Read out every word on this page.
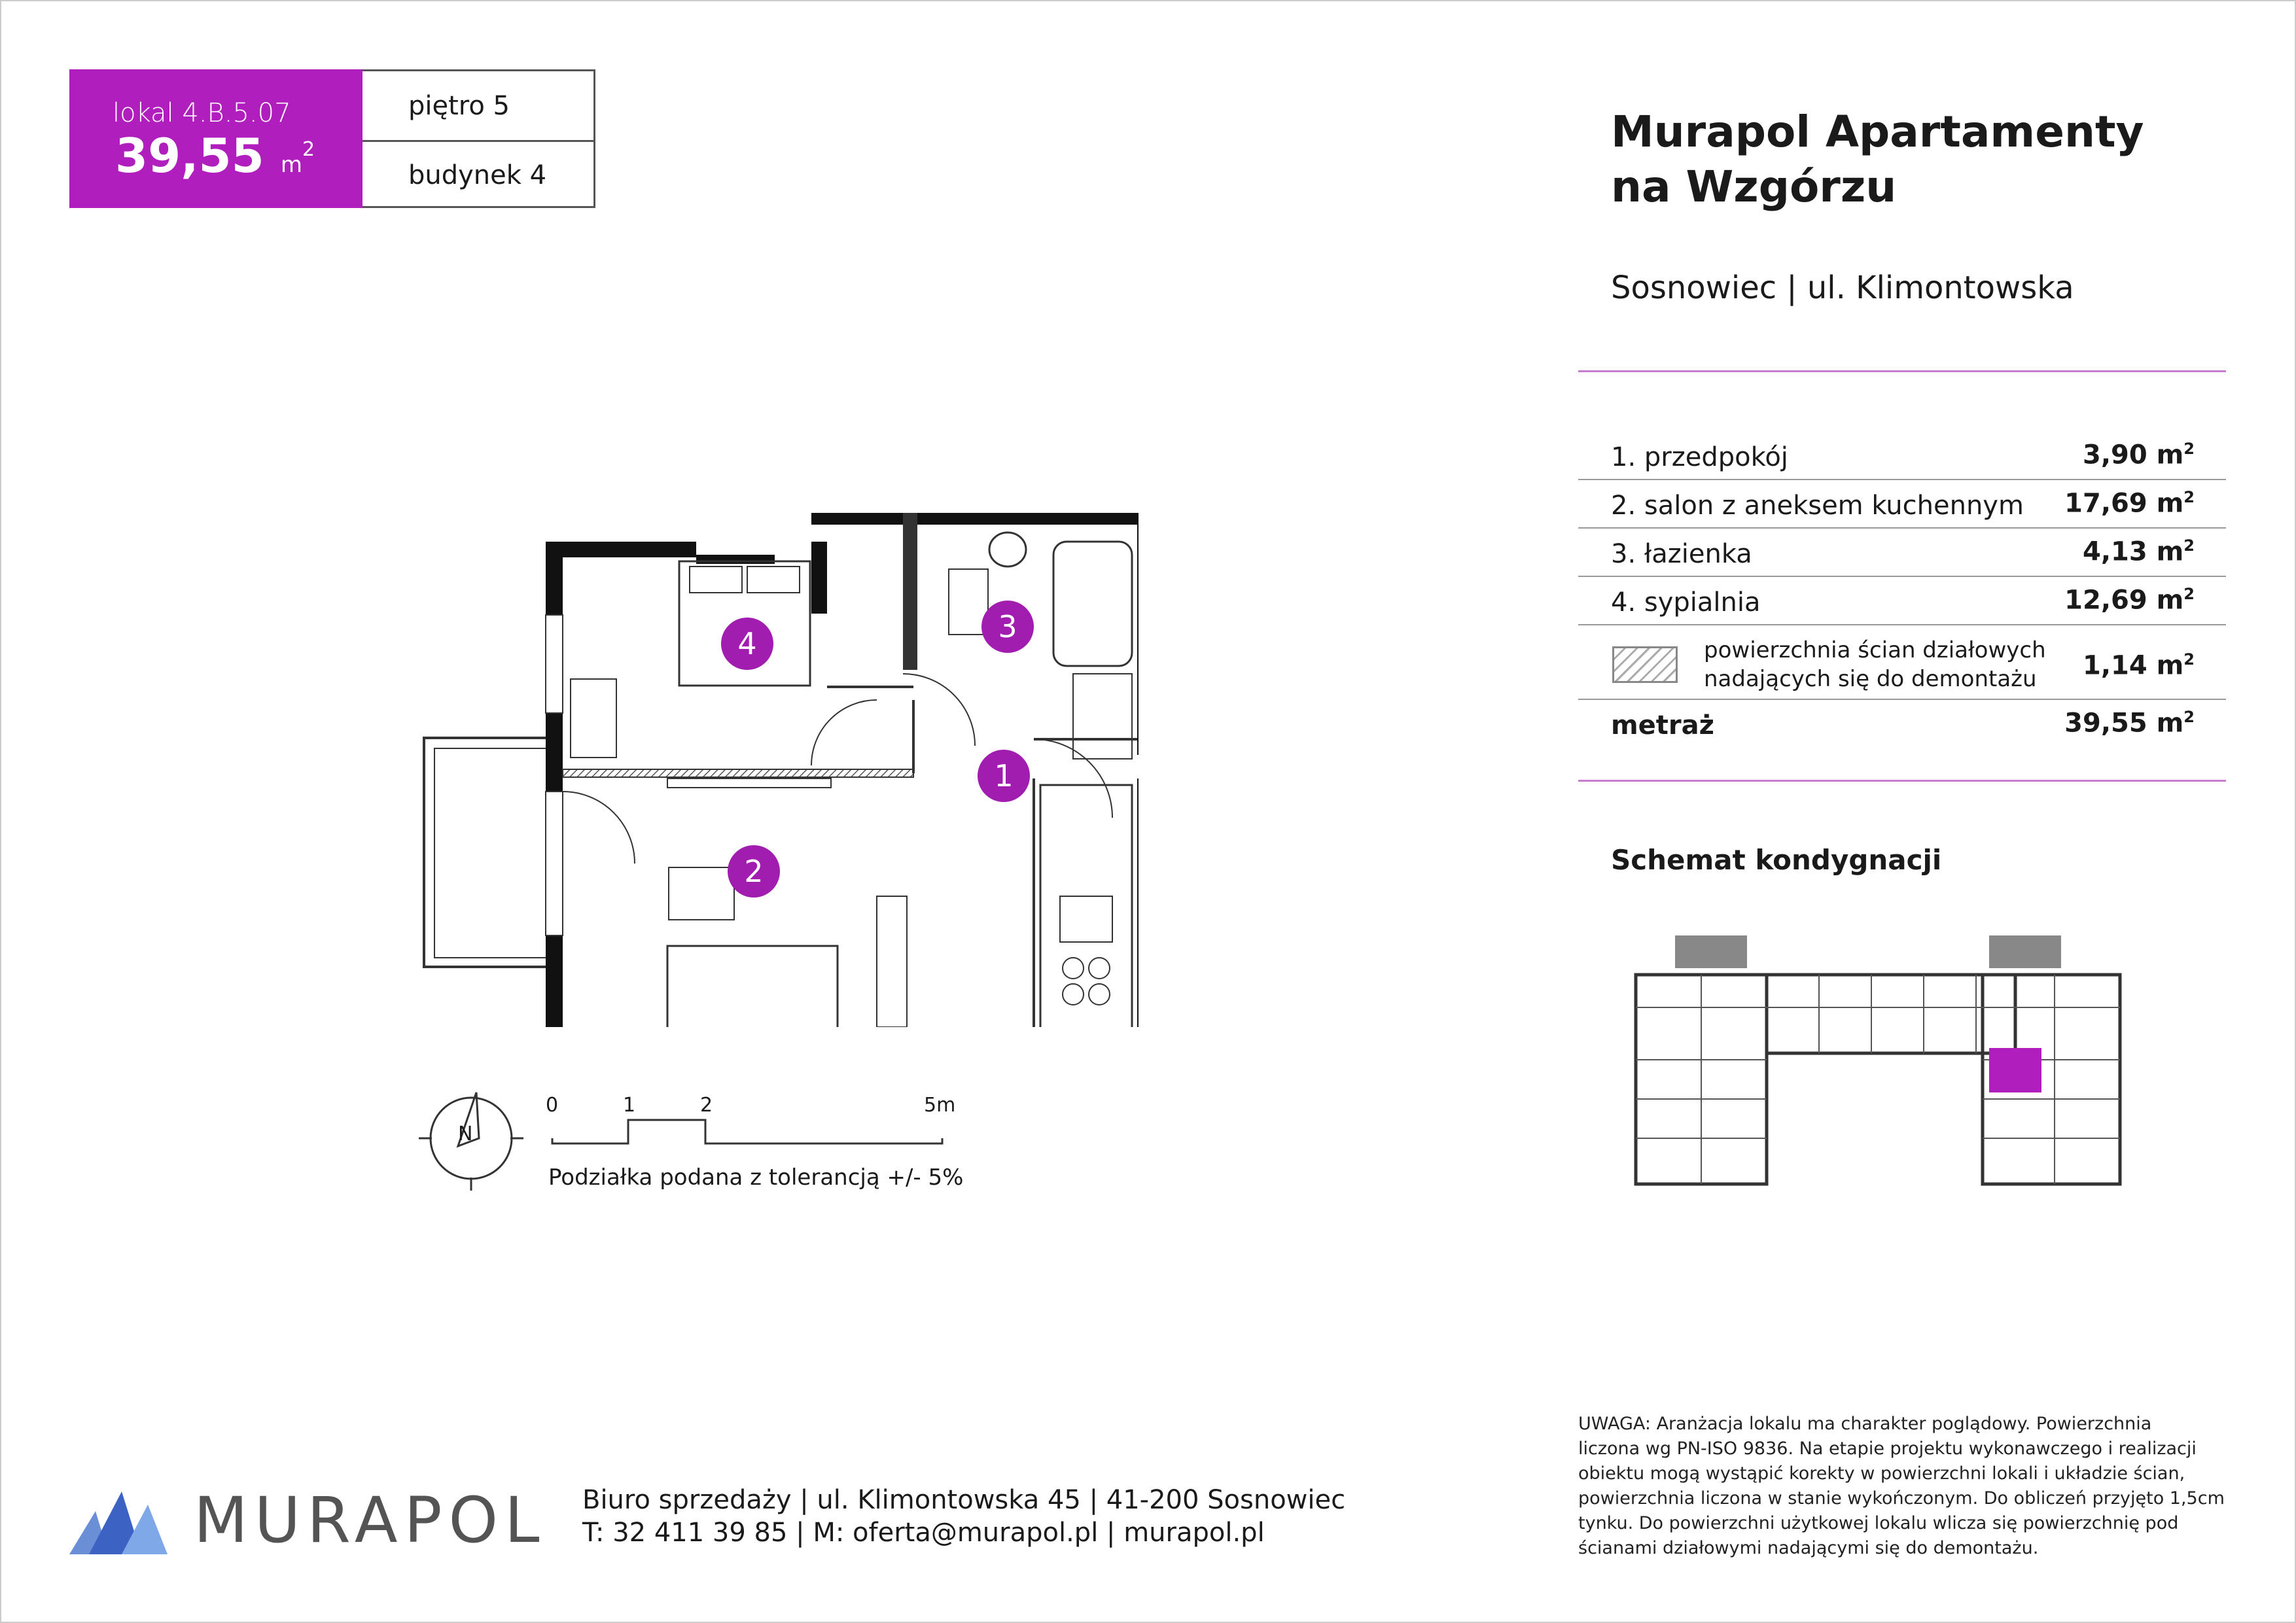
lokal 4.B.5.07
39,55 $m^2$
piętro 5
budynek 4
Murapol Apartamenty
na Wzgórzu
Sosnowiec | ul. Klimontowska
1. przedpokój	3,90 $m^2$
2. salon z aneksem kuchennym 17,69 $m^2$
3. łazienka	4,13 $m^2$
4. sypialnia	12,69 $m^2$
powierzchnia ścian działowych
nadających się do demontażu	1,14 $m^2$
metraż	39,55 $m^2$
Schemat kondygnacji
1
2
3
4
N
0	1	2	5m
Podziałka podana z tolerancją +/- 5%
MURAPOL Biuro sprzedaży | ul. Klimontowska 45 | 41-200 Sosnowiec
T: 32 411 39 85 | M: oferta@murapol.pl | murapol.pl
UWAGA: Aranżacja lokalu ma charakter poglądowy. Powierzchnia
liczona wg PN-ISO 9836. Na etapie projektu wykonawczego i realizacji
obiektu mogą wystąpić korekty w powierzchni lokali i układzie ścian,
powierzchnia liczona w stanie wykończonym. Do obliczeń przyjęto 1,5cm
tynku. Do powierzchni użytkowej lokalu wlicza się powierzchnię pod
ścianami działowymi nadającymi się do demontażu.
